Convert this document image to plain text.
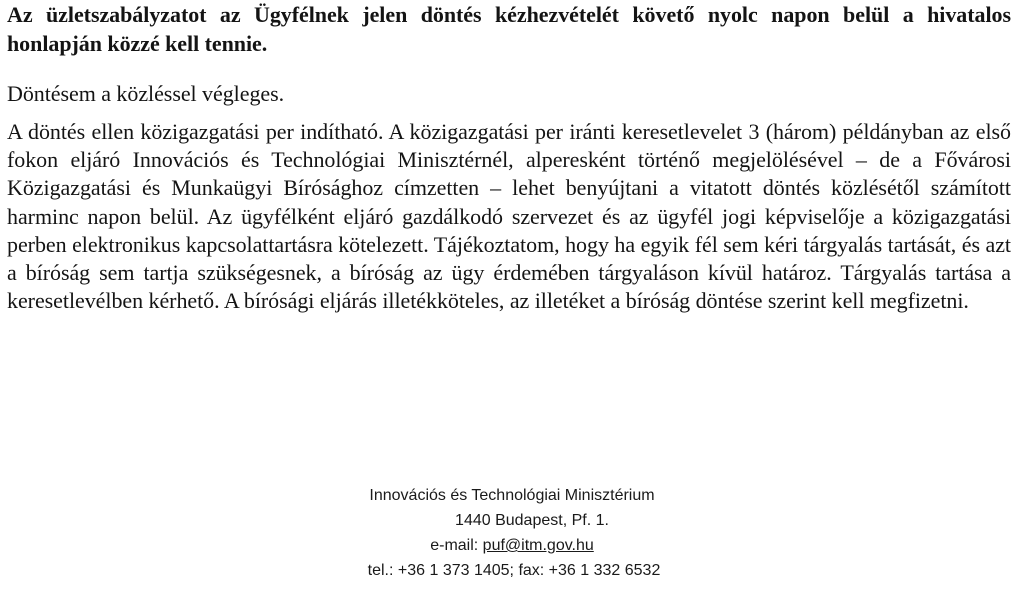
Az üzletszabályzatot az Ügyfélnek jelen döntés kézhezvételét követő nyolc napon belül a hivatalos honlapján közzé kell tennie.

Döntésem a közléssel végleges.

A döntés ellen közigazgatási per indítható. A közigazgatási per iránti keresetlevelet 3 (három) példányban az első fokon eljáró Innovációs és Technológiai Minisztérnél, alperesként történő megjelölésével – de a Fővárosi Közigazgatási és Munkaügyi Bírósághoz címzetten – lehet benyújtani a vitatott döntés közlésétől számított harminc napon belül. Az ügyfélként eljáró gazdálkodó szervezet és az ügyfél jogi képviselője a közigazgatási perben elektronikus kapcsolattartásra kötelezett. Tájékoztatom, hogy ha egyik fél sem kéri tárgyalás tartását, és azt a bíróság sem tartja szükségesnek, a bíróság az ügy érdemében tárgyaláson kívül határoz. Tárgyalás tartása a keresetlevélben kérhető. A bírósági eljárás illetékköteles, az illetéket a bíróság döntése szerint kell megfizetni.

Innovációs és Technológiai Minisztérium
1440 Budapest, Pf. 1.
e-mail: puf@itm.gov.hu
tel.: +36 1 373 1405; fax: +36 1 332 6532
